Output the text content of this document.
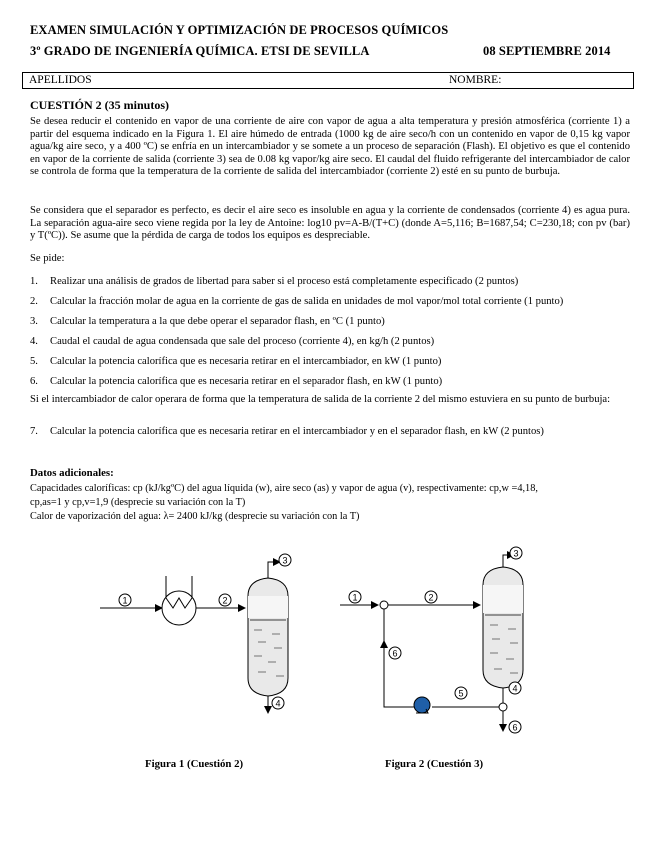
EXAMEN SIMULACIÓN Y OPTIMIZACIÓN DE PROCESOS QUÍMICOS
3º GRADO DE INGENIERÍA QUÍMICA. ETSI DE SEVILLA	08 SEPTIEMBRE 2014
APELLIDOS	NOMBRE:
CUESTIÓN 2 (35 minutos)
Se desea reducir el contenido en vapor de una corriente de aire con vapor de agua a alta temperatura y presión atmosférica (corriente 1) a partir del esquema indicado en la Figura 1. El aire húmedo de entrada (1000 kg de aire seco/h con un contenido en vapor de 0,15 kg vapor agua/kg aire seco, y a 400 ºC) se enfría en un intercambiador y se somete a un proceso de separación (Flash). El objetivo es que el contenido en vapor de la corriente de salida (corriente 3) sea de 0.08 kg vapor/kg aire seco. El caudal del fluido refrigerante del intercambiador de calor se controla de forma que la temperatura de la corriente de salida del intercambiador (corriente 2) esté en su punto de burbuja.
Se considera que el separador es perfecto, es decir el aire seco es insoluble en agua y la corriente de condensados (corriente 4) es agua pura. La separación agua-aire seco viene regida por la ley de Antoine: log10 pv=A-B/(T+C) (donde A=5,116; B=1687,54; C=230,18; con pv (bar) y T(ºC)). Se asume que la pérdida de carga de todos los equipos es despreciable.
Se pide:
1. Realizar una análisis de grados de libertad para saber si el proceso está completamente especificado (2 puntos)
2. Calcular la fracción molar de agua en la corriente de gas de salida en unidades de mol vapor/mol total corriente (1 punto)
3. Calcular la temperatura a la que debe operar el separador flash, en ºC (1 punto)
4. Caudal el caudal de agua condensada que sale del proceso (corriente 4), en kg/h (2 puntos)
5. Calcular la potencia calorífica que es necesaria retirar en el intercambiador, en kW (1 punto)
6. Calcular la potencia calorífica que es necesaria retirar en el separador flash, en kW (1 punto)
Si el intercambiador de calor operara de forma que la temperatura de salida de la corriente 2 del mismo estuviera en su punto de burbuja:
7. Calcular la potencia calorífica que es necesaria retirar en el intercambiador y en el separador flash, en kW (2 puntos)
Datos adicionales:
Capacidades caloríficas: cp (kJ/kgºC) del agua líquida (w), aire seco (as) y vapor de agua (v), respectivamente: cp,w =4,18,
cp,as=1 y cp,v=1,9 (desprecie su variación con la T)
Calor de vaporización del agua: λ= 2400 kJ/kg (desprecie su variación con la T)
1	2
3
4
1	2
3
4
5
6
6
Figura 1 (Cuestión 2)	Figura 2 (Cuestión 3)
